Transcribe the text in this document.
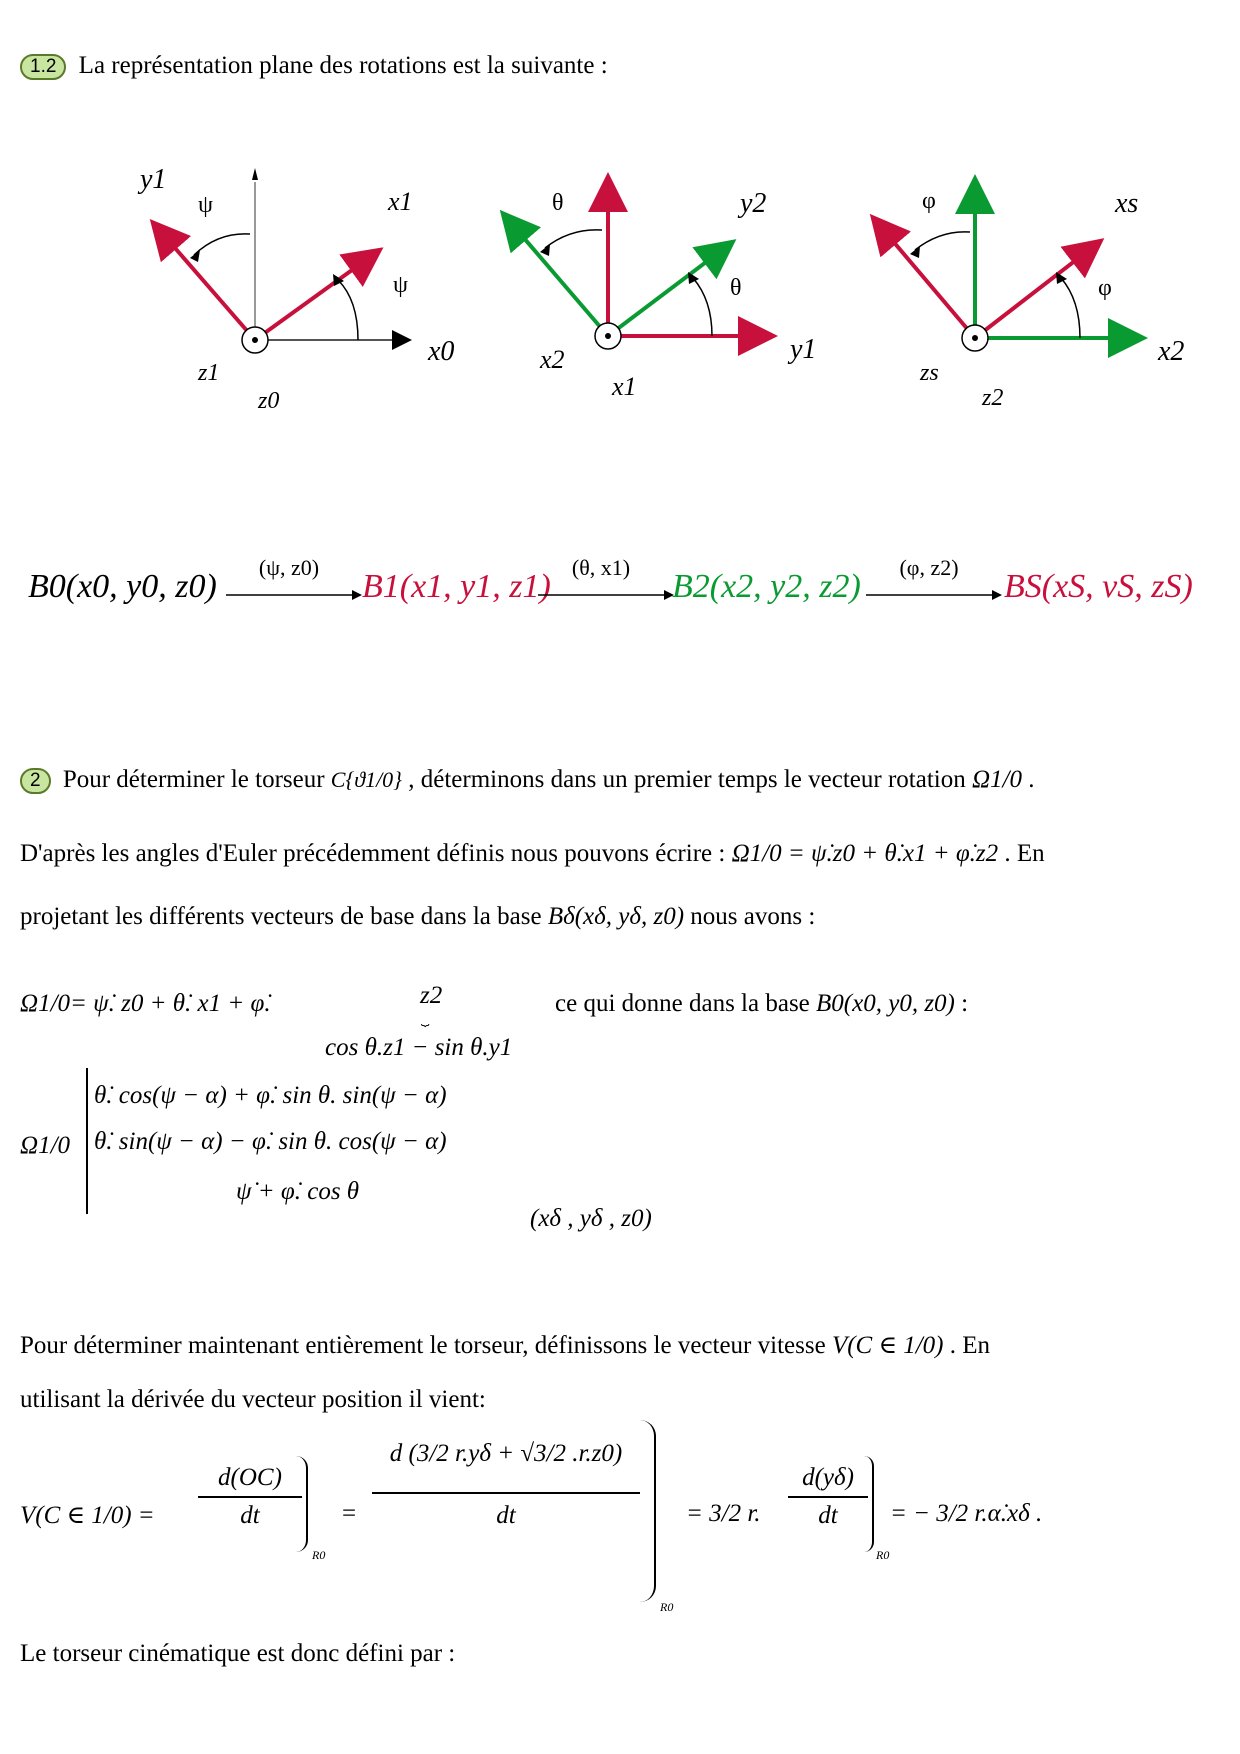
1.2 La représentation plane des rotations est la suivante :
y1
ψ	x1
ψ
x0
z1
z0
θ	y2
θ
y1
x2
x1
φ	xs
φ
x2
zs
z2
B0(x0, y0, z0)
(ψ, z0)
B1(x1, y1, z1)
(θ, x1)
B2(x2, y2, z2)
(φ, z2)
BS(xS, vS, zS)
2 Pour déterminer le torseur C{ϑ1/0} , déterminons dans un premier temps le vecteur rotation Ω1/0 .
D'après les angles d'Euler précédemment définis nous pouvons écrire : Ω1/0 = ψ̇.z0 + θ̇.x1 + φ̇.z2 . En
projetant les différents vecteurs de base dans la base Bδ(xδ, yδ, z0) nous avons :
Ω1/0= ψ̇. z0 + θ̇. x1 + φ̇.	z2
⏟
cos θ.z1 − sin θ.y1
ce qui donne dans la base B0(x0, y0, z0) :
Ω1/0
θ̇. cos(ψ − α) + φ̇. sin θ. sin(ψ − α)
θ̇. sin(ψ − α) − φ̇. sin θ. cos(ψ − α)
ψ̇ + φ̇. cos θ
(xδ , yδ , z0)
Pour déterminer maintenant entièrement le torseur, définissons le vecteur vitesse V(C ∈ 1/0) . En
utilisant la dérivée du vecteur position il vient:
V(C ∈ 1/0) =
d(OC)
dt
R0
=
d (3/2 r.yδ + √3/2 .r.z0)
dt
R0
= 3/2 r.
d(yδ)
dt
R0
= − 3/2 r.α̇.xδ .
Le torseur cinématique est donc défini par :
